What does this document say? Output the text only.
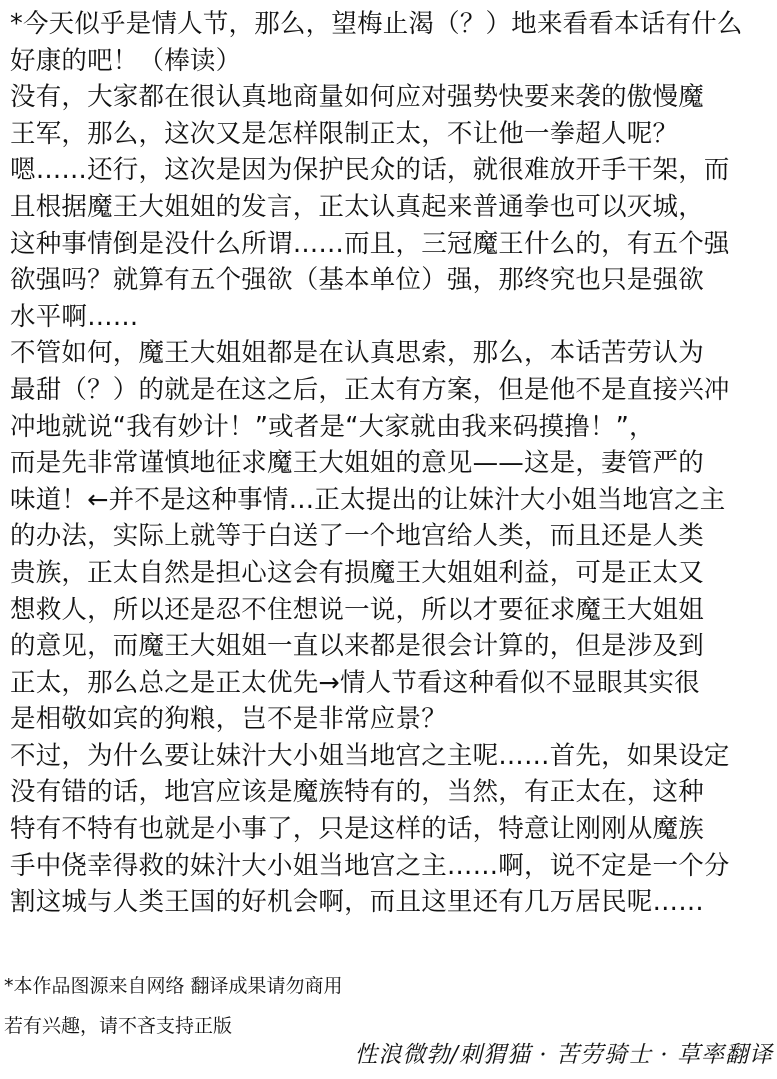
*今天似乎是情人节，那么，望梅止渴（？）地来看看本话有什么

好康的吧！（棒读）

没有，大家都在很认真地商量如何应对强势快要来袭的傲慢魔

王军，那么，这次又是怎样限制正太，不让他一拳超人呢？

嗯……还行，这次是因为保护民众的话，就很难放开手干架，而

且根据魔王大姐姐的发言，正太认真起来普通拳也可以灭城，

这种事情倒是没什么所谓……而且，三冠魔王什么的，有五个强

欲强吗？就算有五个强欲（基本单位）强，那终究也只是强欲

水平啊……

不管如何，魔王大姐姐都是在认真思索，那么，本话苦劳认为

最甜（？）的就是在这之后，正太有方案，但是他不是直接兴冲

冲地就说“我有妙计！”或者是“大家就由我来码摸撸！”，

而是先非常谨慎地征求魔王大姐姐的意见——这是，妻管严的

味道！←并不是这种事情…正太提出的让妹汁大小姐当地宫之主

的办法，实际上就等于白送了一个地宫给人类，而且还是人类

贵族，正太自然是担心这会有损魔王大姐姐利益，可是正太又

想救人，所以还是忍不住想说一说，所以才要征求魔王大姐姐

的意见，而魔王大姐姐一直以来都是很会计算的，但是涉及到

正太，那么总之是正太优先→情人节看这种看似不显眼其实很

是相敬如宾的狗粮，岂不是非常应景？

不过，为什么要让妹汁大小姐当地宫之主呢……首先，如果设定

没有错的话，地宫应该是魔族特有的，当然，有正太在，这种

特有不特有也就是小事了，只是这样的话，特意让刚刚从魔族

手中侥幸得救的妹汁大小姐当地宫之主……啊，说不定是一个分

割这城与人类王国的好机会啊，而且这里还有几万居民呢……

*本作品图源来自网络 翻译成果请勿商用

若有兴趣，请不吝支持正版

性浪微勃/刺猬猫 · 苦劳骑士 · 草率翻译
